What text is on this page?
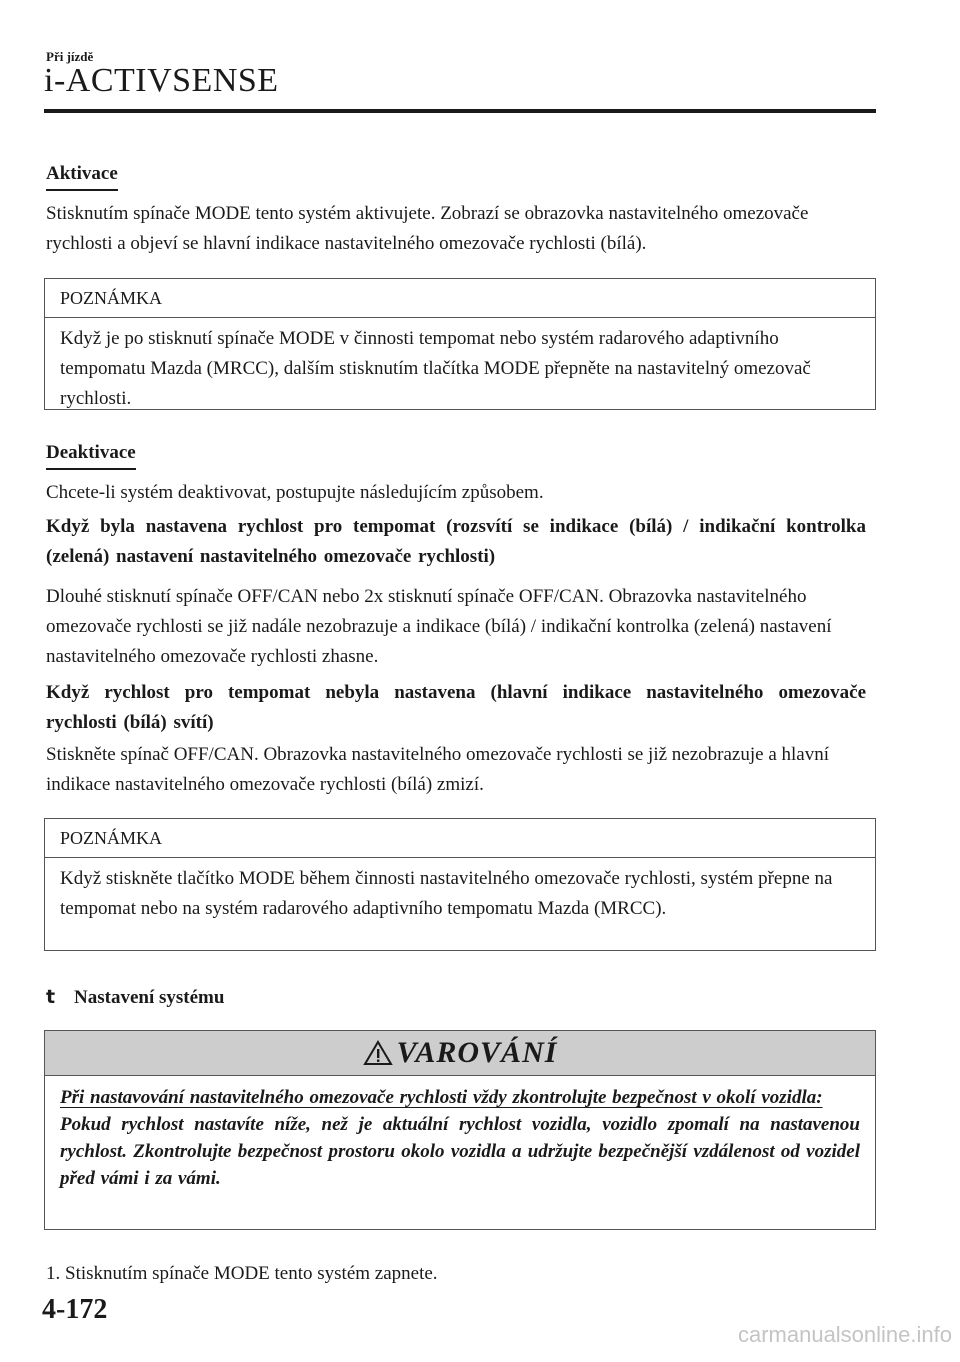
Při jízdě
i-ACTIVSENSE
Aktivace
Stisknutím spínače MODE tento systém aktivujete. Zobrazí se obrazovka nastavitelného omezovače rychlosti a objeví se hlavní indikace nastavitelného omezovače rychlosti (bílá).
POZNÁMKA
Když je po stisknutí spínače MODE v činnosti tempomat nebo systém radarového adaptivního tempomatu Mazda (MRCC), dalším stisknutím tlačítka MODE přepněte na nastavitelný omezovač rychlosti.
Deaktivace
Chcete-li systém deaktivovat, postupujte následujícím způsobem.
Když byla nastavena rychlost pro tempomat (rozsvítí se indikace (bílá) / indikační kontrolka (zelená) nastavení nastavitelného omezovače rychlosti)
Dlouhé stisknutí spínače OFF/CAN nebo 2x stisknutí spínače OFF/CAN. Obrazovka nastavitelného omezovače rychlosti se již nadále nezobrazuje a indikace (bílá) / indikační kontrolka (zelená) nastavení nastavitelného omezovače rychlosti zhasne.
Když rychlost pro tempomat nebyla nastavena (hlavní indikace nastavitelného omezovače rychlosti (bílá) svítí)
Stiskněte spínač OFF/CAN. Obrazovka nastavitelného omezovače rychlosti se již nezobrazuje a hlavní indikace nastavitelného omezovače rychlosti (bílá) zmizí.
POZNÁMKA
Když stiskněte tlačítko MODE během činnosti nastavitelného omezovače rychlosti, systém přepne na tempomat nebo na systém radarového adaptivního tempomatu Mazda (MRCC).
t Nastavení systému
VAROVÁNÍ
Při nastavování nastavitelného omezovače rychlosti vždy zkontrolujte bezpečnost v okolí vozidla:
Pokud rychlost nastavíte níže, než je aktuální rychlost vozidla, vozidlo zpomalí na nastavenou rychlost. Zkontrolujte bezpečnost prostoru okolo vozidla a udržujte bezpečnější vzdálenost od vozidel před vámi i za vámi.
1. Stisknutím spínače MODE tento systém zapnete.
4-172
carmanualsonline.info
